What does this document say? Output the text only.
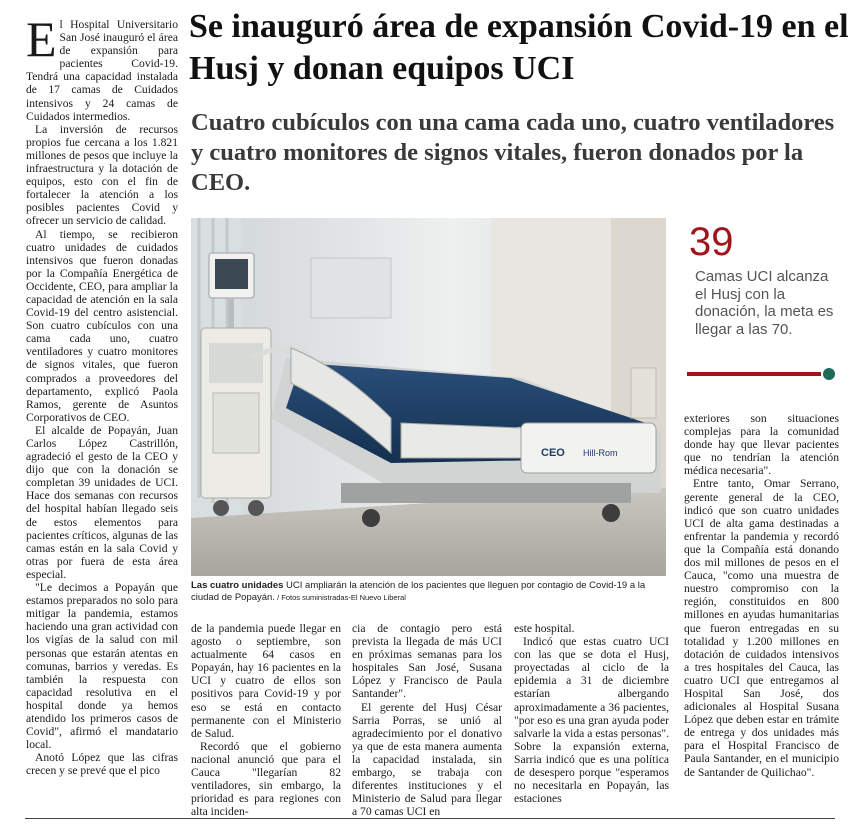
Se inauguró área de expansión Covid-19 en el Husj y donan equipos UCI
Cuatro cubículos con una cama cada uno, cuatro ventiladores y cuatro monitores de signos vitales, fueron donados por la CEO.

El Hospital Universitario San José inauguró el área de expansión para pacientes Covid-19. Tendrá una capacidad instalada de 17 camas de Cuidados intensivos y 24 camas de Cuidados intermedios.

La inversión de recursos propios fue cercana a los 1.821 millones de pesos que incluye la infraestructura y la dotación de equipos, esto con el fin de fortalecer la atención a los posibles pacientes Covid y ofrecer un servicio de calidad.

Al tiempo, se recibieron cuatro unidades de cuidados intensivos que fueron donadas por la Compañía Energética de Occidente, CEO, para ampliar la capacidad de atención en la sala Covid-19 del centro asistencial. Son cuatro cubículos con una cama cada uno, cuatro ventiladores y cuatro monitores de signos vitales, que fueron comprados a proveedores del departamento, explicó Paola Ramos, gerente de Asuntos Corporativos de CEO.

El alcalde de Popayán, Juan Carlos López Castrillón, agradeció el gesto de la CEO y dijo que con la donación se completan 39 unidades de UCI. Hace dos semanas con recursos del hospital habían llegado seis de estos elementos para pacientes críticos, algunas de las camas están en la sala Covid y otras por fuera de esta área especial.

"Le decimos a Popayán que estamos preparados no solo para mitigar la pandemia, estamos haciendo una gran actividad con los vigías de la salud con mil personas que estarán atentas en comunas, barrios y veredas. Es también la respuesta con capacidad resolutiva en el hospital donde ya hemos atendido los primeros casos de Covid", afirmó el mandatario local.

Anotó López que las cifras crecen y se prevé que el pico

CEO Hill-Rom
Las cuatro unidades UCI ampliarán la atención de los pacientes que lleguen por contagio de Covid-19 a la ciudad de Popayán. / Fotos suministradas-El Nuevo Liberal
39
Camas UCI alcanza el Husj con la donación, la meta es llegar a las 70.

de la pandemia puede llegar en agosto o septiembre, son actualmente 64 casos en Popayán, hay 16 pacientes en la UCI y cuatro de ellos son positivos para Covid-19 y por eso se está en contacto permanente con el Ministerio de Salud.

Recordó que el gobierno nacional anunció que para el Cauca "llegarían 82 ventiladores, sin embargo, la prioridad es para regiones con alta inciden-

cia de contagio pero está prevista la llegada de más UCI en próximas semanas para los hospitales San José, Susana López y Francisco de Paula Santander".

El gerente del Husj César Sarria Porras, se unió al agradecimiento por el donativo ya que de esta manera aumenta la capacidad instalada, sin embargo, se trabaja con diferentes instituciones y el Ministerio de Salud para llegar a 70 camas UCI en

este hospital.

Indicó que estas cuatro UCI con las que se dota el Husj, proyectadas al ciclo de la epidemia a 31 de diciembre estarían albergando aproximadamente a 36 pacientes, "por eso es una gran ayuda poder salvarle la vida a estas personas". Sobre la expansión externa, Sarria indicó que es una política de desespero porque "esperamos no necesitarla en Popayán, las estaciones

exteriores son situaciones complejas para la comunidad donde hay que llevar pacientes que no tendrían la atención médica necesaria".

Entre tanto, Omar Serrano, gerente general de la CEO, indicó que son cuatro unidades UCI de alta gama destinadas a enfrentar la pandemia y recordó que la Compañía está donando dos mil millones de pesos en el Cauca, "como una muestra de nuestro compromiso con la región, constituidos en 800 millones en ayudas humanitarias que fueron entregadas en su totalidad y 1.200 millones en dotación de cuidados intensivos a tres hospitales del Cauca, las cuatro UCI que entregamos al Hospital San José, dos adicionales al Hospital Susana López que deben estar en trámite de entrega y dos unidades más para el Hospital Francisco de Paula Santander, en el municipio de Santander de Quilichao".
